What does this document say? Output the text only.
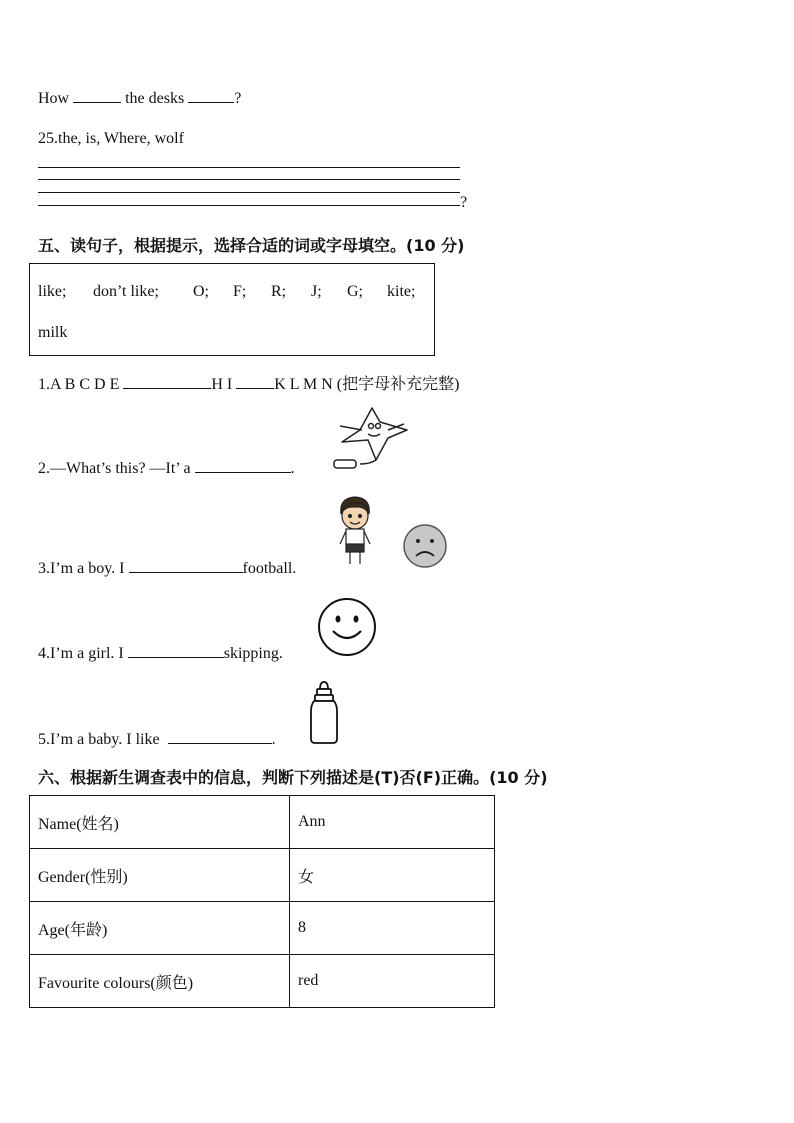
How	the desks	?
25.the, is, Where, wolf
?
五、读句子，根据提示，选择合适的词或字母填空。(10 分)
like; don’t like; O; F; R; J; G; kite;
milk
1.A B C D E	H I	K L M N (把字母补充完整)
2.—What’s this? —It’ a	.
3.I’m a boy. I	football.
4.I’m a girl. I	skipping.
5.I’m a baby. I like	.
六、根据新生调查表中的信息，判断下列描述是(T)否(F)正确。(10 分)
Name(姓名)	Ann
Gender(性别)	女
Age(年龄)	8
Favourite colours(颜色)	red
